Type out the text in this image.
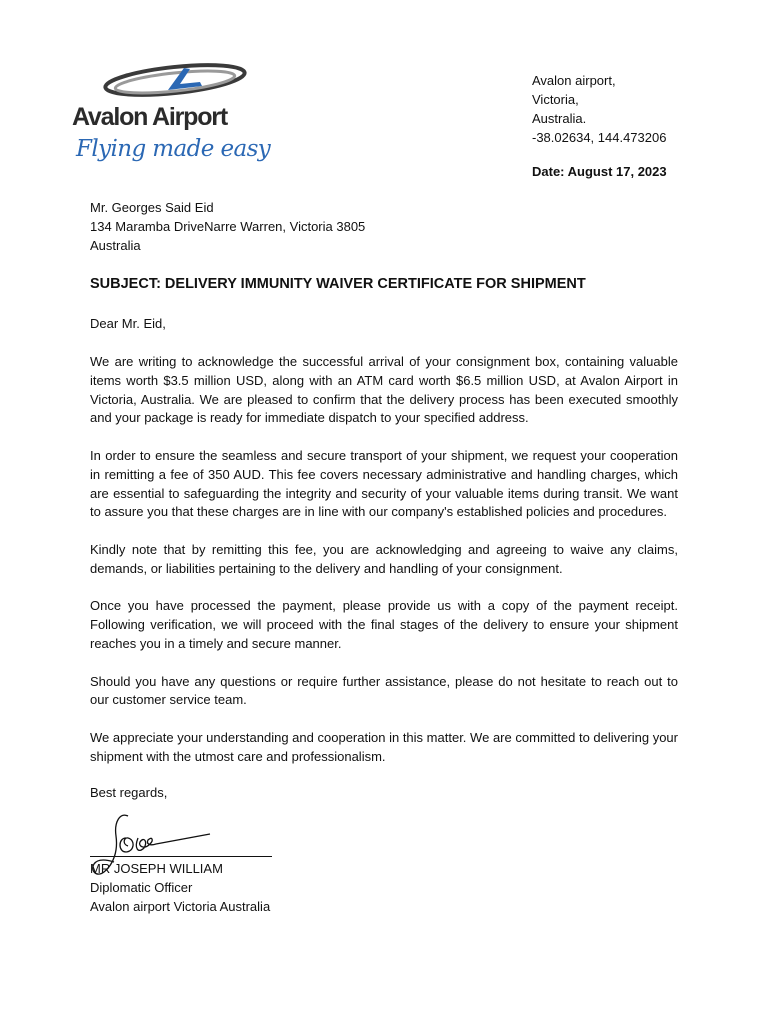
Avalon Airport
Flying made easy
Avalon airport,
Victoria,
Australia.
-38.02634, 144.473206
Date: August 17, 2023
Mr. Georges Said Eid
134 Maramba DriveNarre Warren, Victoria 3805
Australia
SUBJECT: DELIVERY IMMUNITY WAIVER CERTIFICATE FOR SHIPMENT
Dear Mr. Eid,

We are writing to acknowledge the successful arrival of your consignment box, containing valuable items worth $3.5 million USD, along with an ATM card worth $6.5 million USD, at Avalon Airport in Victoria, Australia. We are pleased to confirm that the delivery process has been executed smoothly and your package is ready for immediate dispatch to your specified address.

In order to ensure the seamless and secure transport of your shipment, we request your cooperation in remitting a fee of 350 AUD. This fee covers necessary administrative and handling charges, which are essential to safeguarding the integrity and security of your valuable items during transit. We want to assure you that these charges are in line with our company's established policies and procedures.

Kindly note that by remitting this fee, you are acknowledging and agreeing to waive any claims, demands, or liabilities pertaining to the delivery and handling of your consignment.

Once you have processed the payment, please provide us with a copy of the payment receipt. Following verification, we will proceed with the final stages of the delivery to ensure your shipment reaches you in a timely and secure manner.

Should you have any questions or require further assistance, please do not hesitate to reach out to our customer service team.

We appreciate your understanding and cooperation in this matter. We are committed to delivering your shipment with the utmost care and professionalism.

Best regards,
MR JOSEPH WILLIAM
Diplomatic Officer
Avalon airport Victoria Australia
